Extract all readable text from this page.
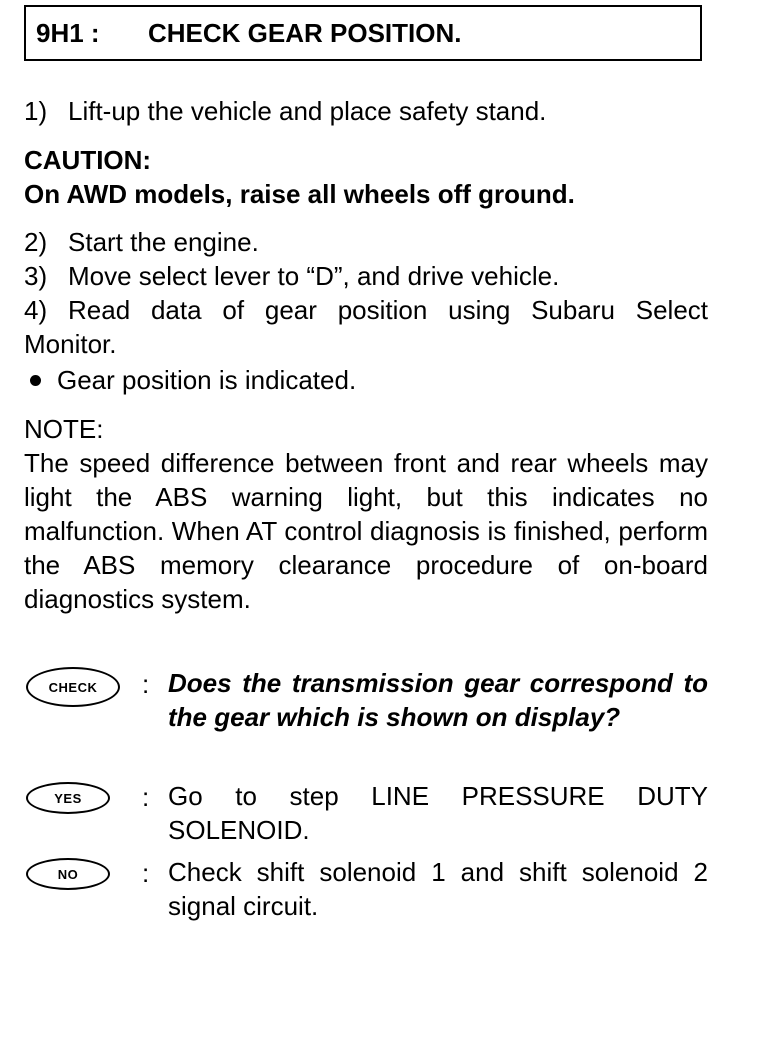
9H1 :	CHECK GEAR POSITION.
1) Lift-up the vehicle and place safety stand.
CAUTION:
On AWD models, raise all wheels off ground.
2) Start the engine.
3) Move select lever to “D”, and drive vehicle.
4) Read data of gear position using Subaru Select Monitor.
Gear position is indicated.
NOTE:
The speed difference between front and rear wheels may light the ABS warning light, but this indicates no malfunction. When AT control diagnosis is finished, perform the ABS memory clearance procedure of on-board diagnostics system.
CHECK : Does the transmission gear correspond to the gear which is shown on display?
YES : Go to step LINE PRESSURE DUTY SOLENOID.
NO : Check shift solenoid 1 and shift solenoid 2 signal circuit.
